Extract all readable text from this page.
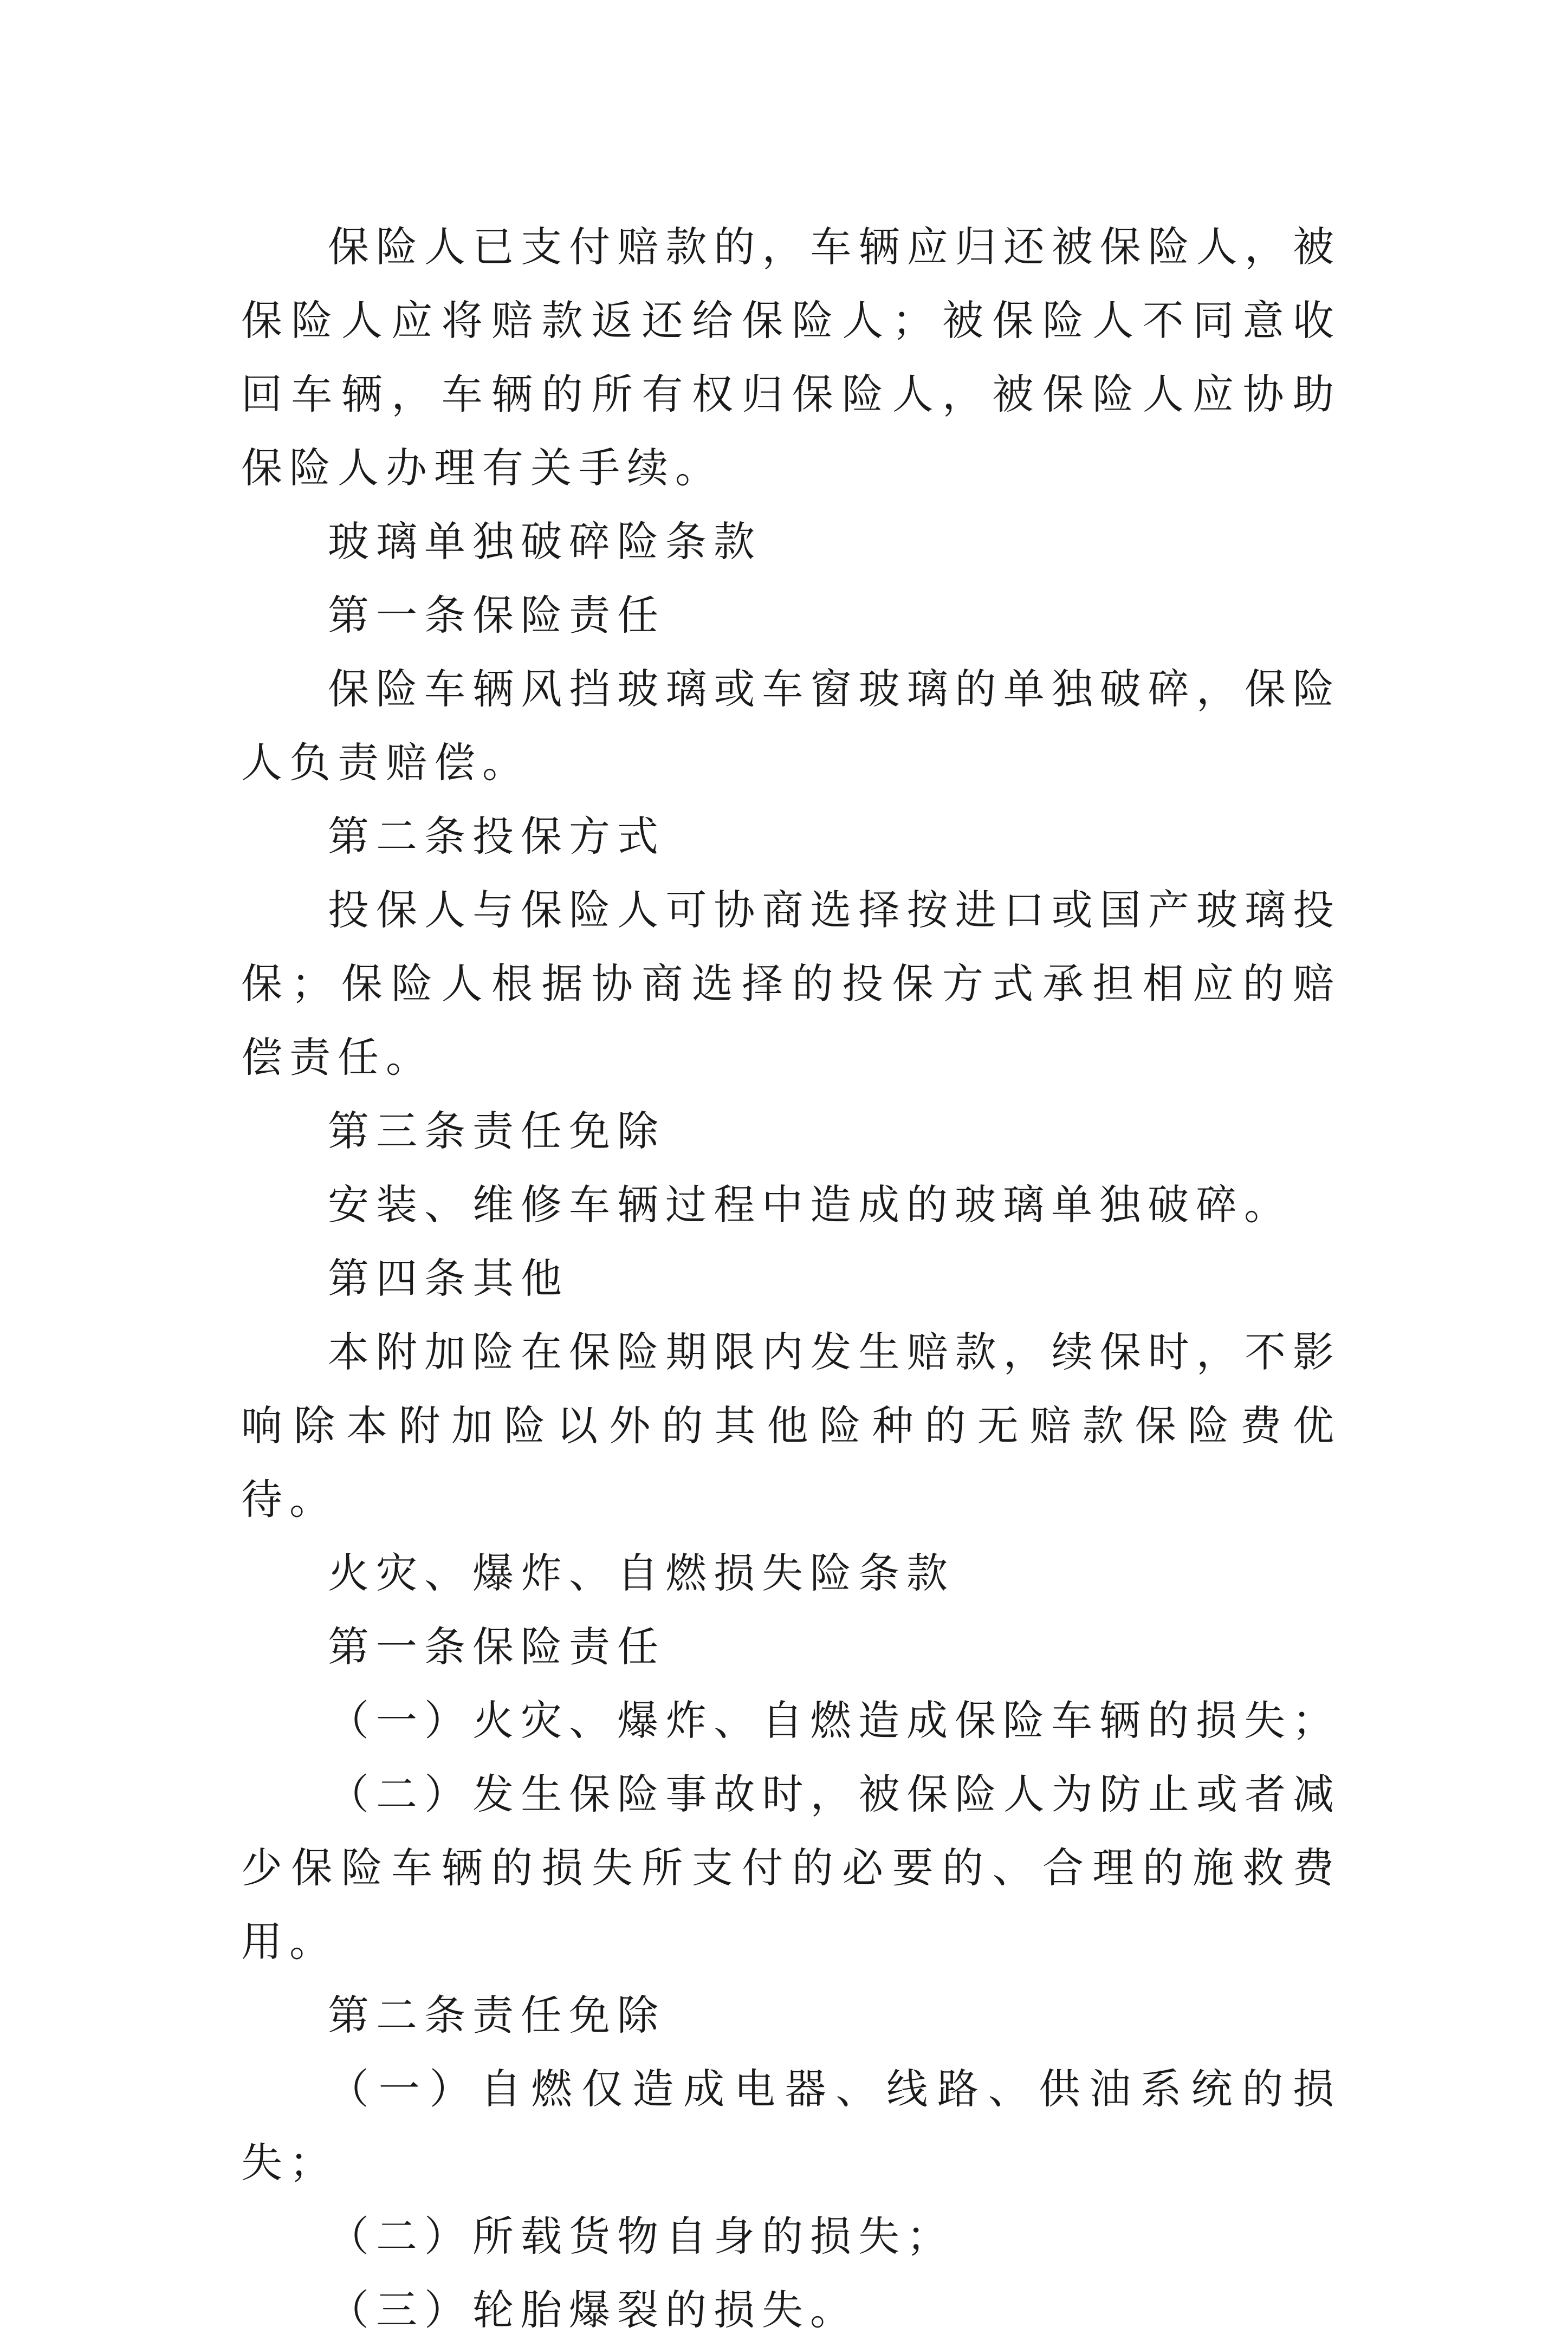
保险人已支付赔款的，车辆应归还被保险人，被保险人应将赔款返还给保险人；被保险人不同意收回车辆，车辆的所有权归保险人，被保险人应协助保险人办理有关手续。

玻璃单独破碎险条款

第一条保险责任

保险车辆风挡玻璃或车窗玻璃的单独破碎，保险人负责赔偿。

第二条投保方式

投保人与保险人可协商选择按进口或国产玻璃投保；保险人根据协商选择的投保方式承担相应的赔偿责任。

第三条责任免除

安装、维修车辆过程中造成的玻璃单独破碎。

第四条其他

本附加险在保险期限内发生赔款，续保时，不影响除本附加险以外的其他险种的无赔款保险费优待。

火灾、爆炸、自燃损失险条款

第一条保险责任

（一）火灾、爆炸、自燃造成保险车辆的损失；

（二）发生保险事故时，被保险人为防止或者减少保险车辆的损失所支付的必要的、合理的施救费用。

第二条责任免除

（一）自燃仅造成电器、线路、供油系统的损失；

（二）所载货物自身的损失；

（三）轮胎爆裂的损失。
